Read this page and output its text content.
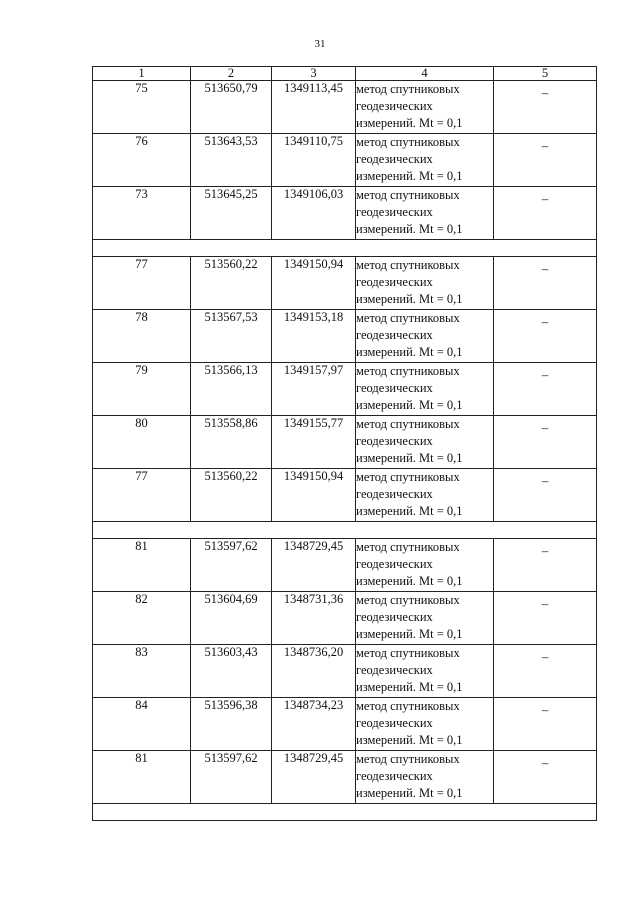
31
1	2	3	4	5
75	513650,79	1349113,45	метод спутниковых
геодезических
измерений. Mt = 0,1	–
76	513643,53	1349110,75	метод спутниковых
геодезических
измерений. Mt = 0,1	–
73	513645,25	1349106,03	метод спутниковых
геодезических
измерений. Mt = 0,1	–

77	513560,22	1349150,94	метод спутниковых
геодезических
измерений. Mt = 0,1	–
78	513567,53	1349153,18	метод спутниковых
геодезических
измерений. Mt = 0,1	–
79	513566,13	1349157,97	метод спутниковых
геодезических
измерений. Mt = 0,1	–
80	513558,86	1349155,77	метод спутниковых
геодезических
измерений. Mt = 0,1	–
77	513560,22	1349150,94	метод спутниковых
геодезических
измерений. Mt = 0,1	–

81	513597,62	1348729,45	метод спутниковых
геодезических
измерений. Mt = 0,1	–
82	513604,69	1348731,36	метод спутниковых
геодезических
измерений. Mt = 0,1	–
83	513603,43	1348736,20	метод спутниковых
геодезических
измерений. Mt = 0,1	–
84	513596,38	1348734,23	метод спутниковых
геодезических
измерений. Mt = 0,1	–
81	513597,62	1348729,45	метод спутниковых
геодезических
измерений. Mt = 0,1	–
